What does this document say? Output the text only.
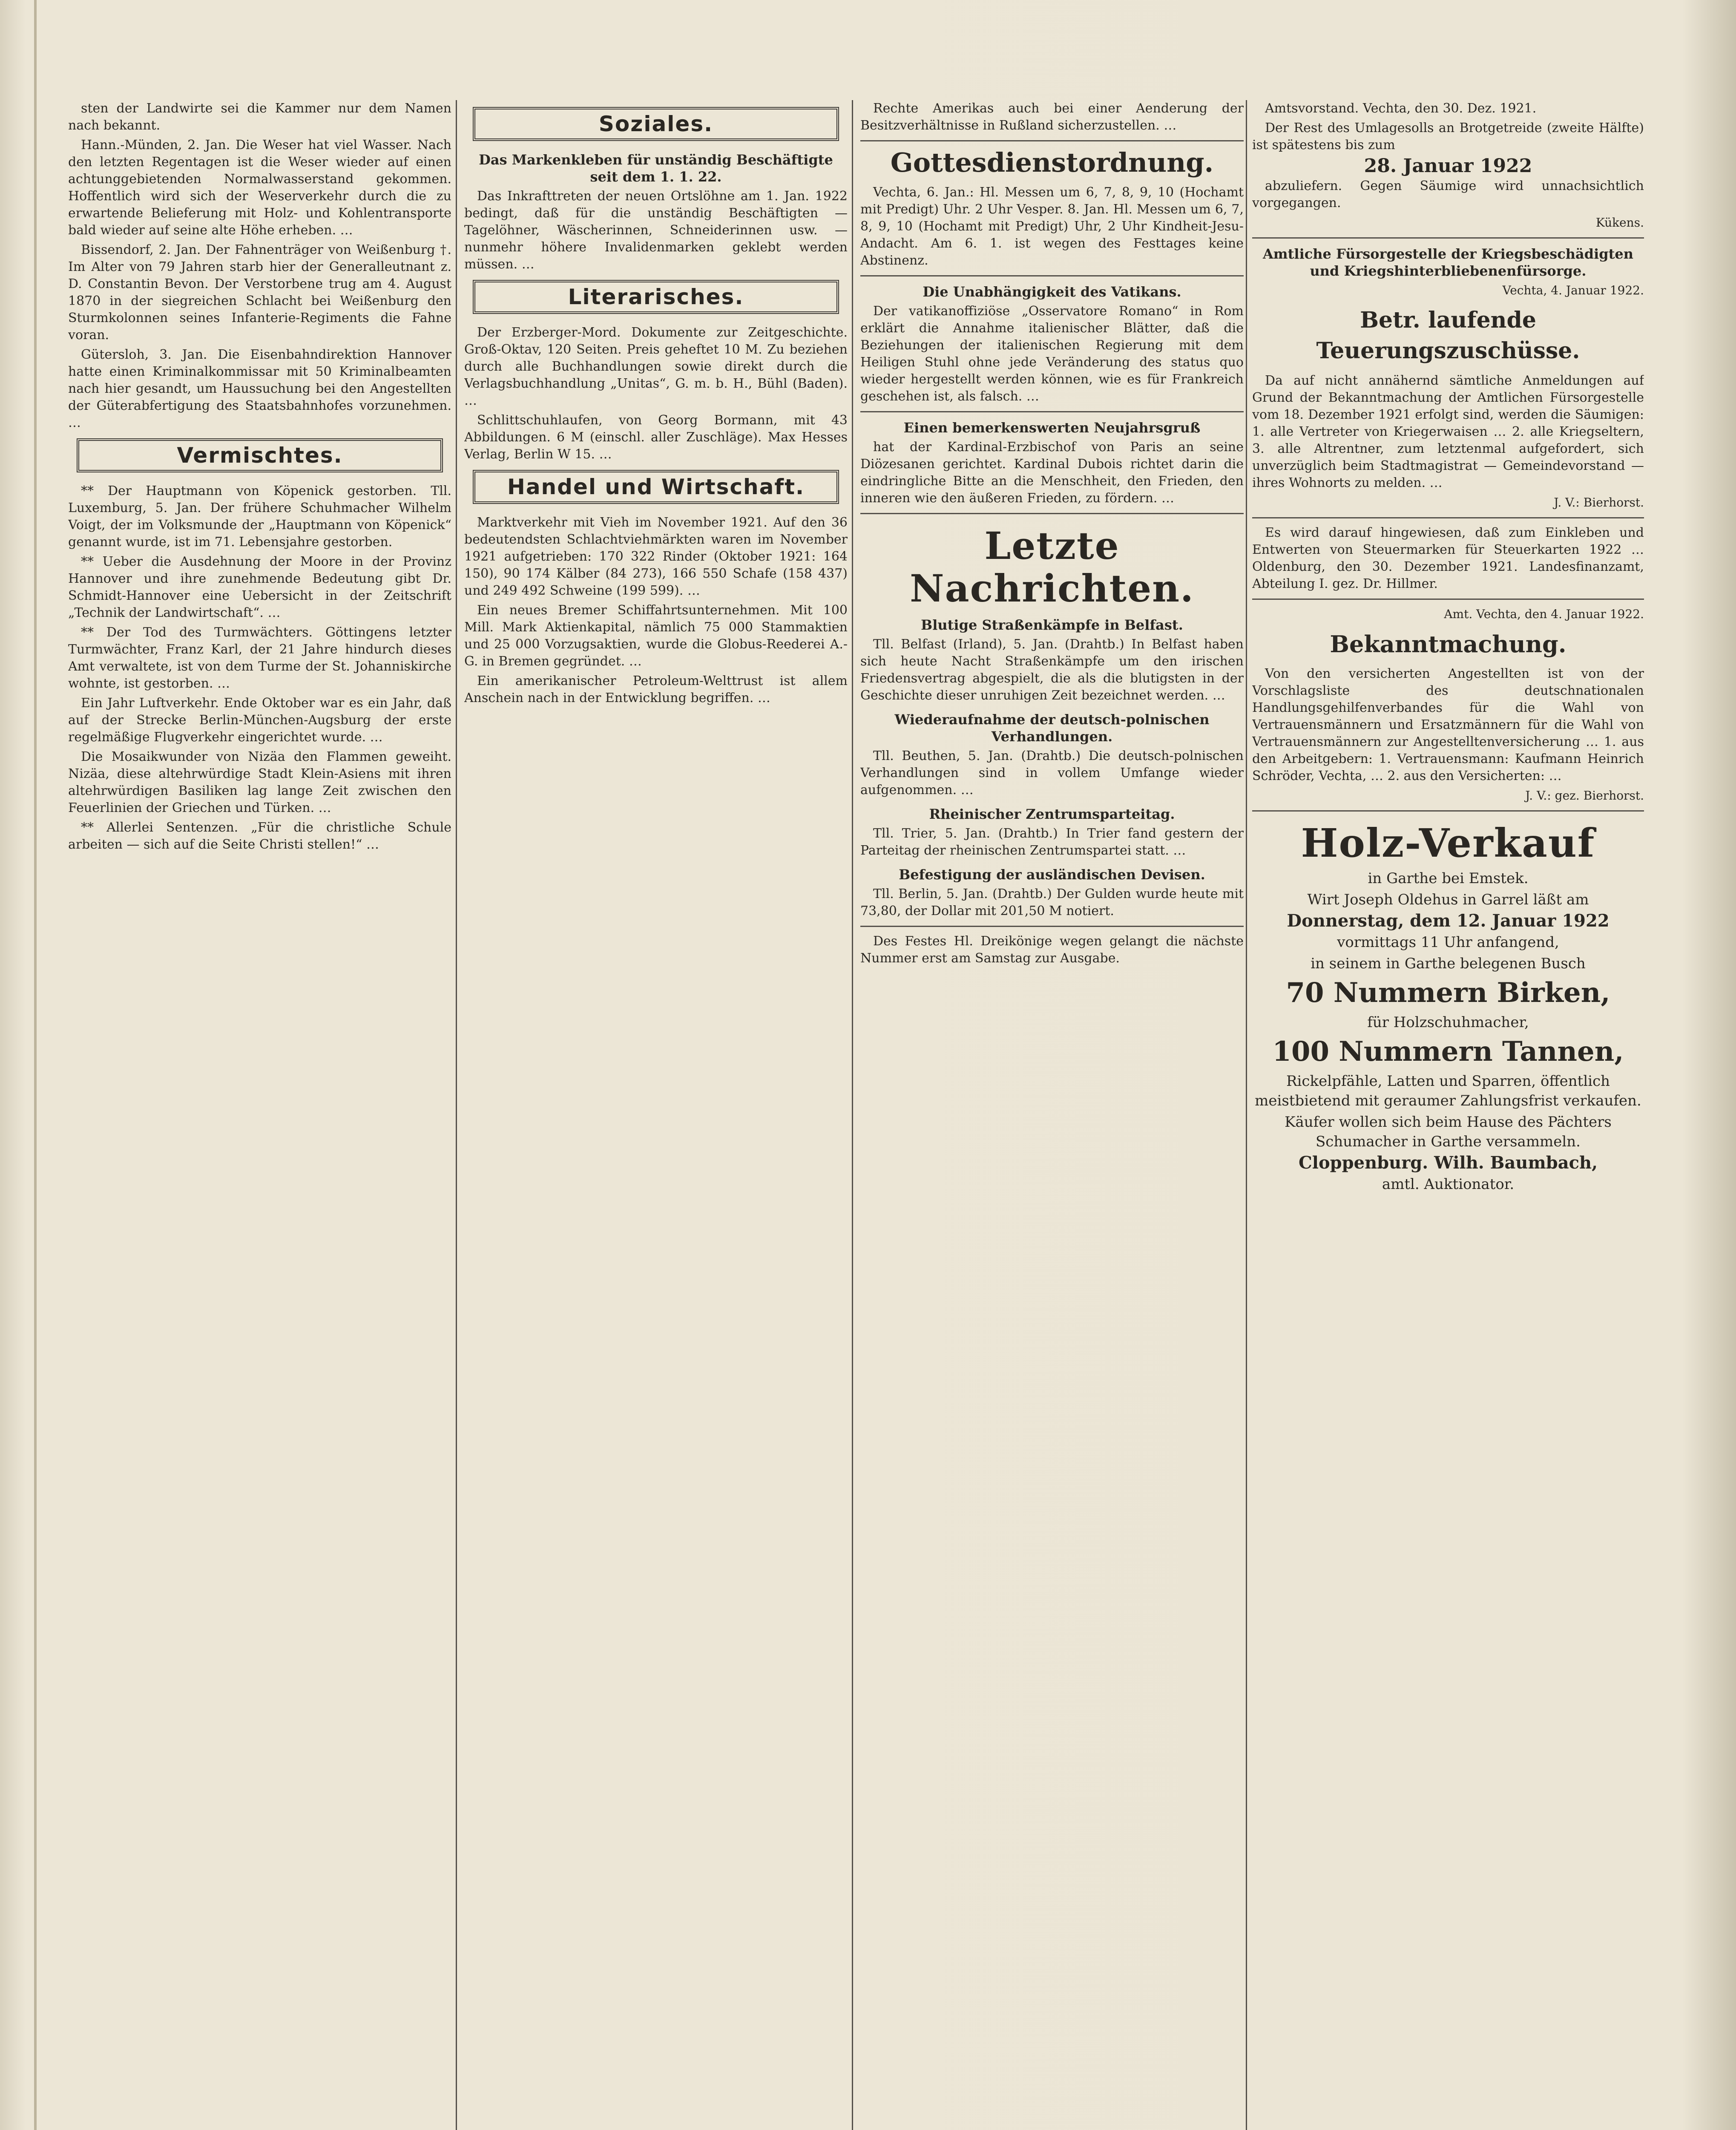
sten der Landwirte sei die Kammer nur dem Namen nach bekannt.

Hann.-Münden, 2. Jan. Die Weser hat viel Wasser. Nach den letzten Regentagen ist die Weser wieder auf einen achtunggebietenden Normalwasserstand gekommen. Hoffentlich wird sich der Weserverkehr durch die zu erwartende Belieferung mit Holz- und Kohlentransporte bald wieder auf seine alte Höhe erheben. …

Bissendorf, 2. Jan. Der Fahnenträger von Weißenburg †. Im Alter von 79 Jahren starb hier der Generalleutnant z. D. Constantin Bevon. Der Verstorbene trug am 4. August 1870 in der siegreichen Schlacht bei Weißenburg den Sturmkolonnen seines Infanterie-Regiments die Fahne voran.

Gütersloh, 3. Jan. Die Eisenbahndirektion Hannover hatte einen Kriminalkommissar mit 50 Kriminalbeamten nach hier gesandt, um Haussuchung bei den Angestellten der Güterabfertigung des Staatsbahnhofes vorzunehmen. …

Vermischtes.

** Der Hauptmann von Köpenick gestorben. Tll. Luxemburg, 5. Jan. Der frühere Schuhmacher Wilhelm Voigt, der im Volksmunde der „Hauptmann von Köpenick“ genannt wurde, ist im 71. Lebensjahre gestorben.

** Ueber die Ausdehnung der Moore in der Provinz Hannover und ihre zunehmende Bedeutung gibt Dr. Schmidt-Hannover eine Uebersicht in der Zeitschrift „Technik der Landwirtschaft“. …

** Der Tod des Turmwächters. Göttingens letzter Turmwächter, Franz Karl, der 21 Jahre hindurch dieses Amt verwaltete, ist von dem Turme der St. Johanniskirche wohnte, ist gestorben. …

Ein Jahr Luftverkehr. Ende Oktober war es ein Jahr, daß auf der Strecke Berlin-München-Augsburg der erste regelmäßige Flugverkehr eingerichtet wurde. …

Die Mosaikwunder von Nizäa den Flammen geweiht. Nizäa, diese altehrwürdige Stadt Klein-Asiens mit ihren altehrwürdigen Basiliken lag lange Zeit zwischen den Feuerlinien der Griechen und Türken. …

** Allerlei Sentenzen. „Für die christliche Schule arbeiten — sich auf die Seite Christi stellen!“ …

Soziales.
Das Markenkleben für unständig Beschäftigte seit dem 1. 1. 22.

Das Inkrafttreten der neuen Ortslöhne am 1. Jan. 1922 bedingt, daß für die unständig Beschäftigten — Tagelöhner, Wäscherinnen, Schneiderinnen usw. — nunmehr höhere Invalidenmarken geklebt werden müssen. …

Literarisches.

Der Erzberger-Mord. Dokumente zur Zeitgeschichte. Groß-Oktav, 120 Seiten. Preis geheftet 10 M. Zu beziehen durch alle Buchhandlungen sowie direkt durch die Verlagsbuchhandlung „Unitas“, G. m. b. H., Bühl (Baden). …

Schlittschuhlaufen, von Georg Bormann, mit 43 Abbildungen. 6 M (einschl. aller Zuschläge). Max Hesses Verlag, Berlin W 15. …

Handel und Wirtschaft.

Marktverkehr mit Vieh im November 1921. Auf den 36 bedeutendsten Schlachtviehmärkten waren im November 1921 aufgetrieben: 170 322 Rinder (Oktober 1921: 164 150), 90 174 Kälber (84 273), 166 550 Schafe (158 437) und 249 492 Schweine (199 599). …

Ein neues Bremer Schiffahrtsunternehmen. Mit 100 Mill. Mark Aktienkapital, nämlich 75 000 Stammaktien und 25 000 Vorzugsaktien, wurde die Globus-Reederei A.-G. in Bremen gegründet. …

Ein amerikanischer Petroleum-Welttrust ist allem Anschein nach in der Entwicklung begriffen. …

Rechte Amerikas auch bei einer Aenderung der Besitzverhältnisse in Rußland sicherzustellen. …

Gottesdienstordnung.

Vechta, 6. Jan.: Hl. Messen um 6, 7, 8, 9, 10 (Hochamt mit Predigt) Uhr. 2 Uhr Vesper. 8. Jan. Hl. Messen um 6, 7, 8, 9, 10 (Hochamt mit Predigt) Uhr, 2 Uhr Kindheit-Jesu-Andacht. Am 6. 1. ist wegen des Festtages keine Abstinenz.

Die Unabhängigkeit des Vatikans.

Der vatikanoffiziöse „Osservatore Romano“ in Rom erklärt die Annahme italienischer Blätter, daß die Beziehungen der italienischen Regierung mit dem Heiligen Stuhl ohne jede Veränderung des status quo wieder hergestellt werden können, wie es für Frankreich geschehen ist, als falsch. …

Einen bemerkenswerten Neujahrsgruß

hat der Kardinal-Erzbischof von Paris an seine Diözesanen gerichtet. Kardinal Dubois richtet darin die eindringliche Bitte an die Menschheit, den Frieden, den inneren wie den äußeren Frieden, zu fördern. …

Letzte Nachrichten.
Blutige Straßenkämpfe in Belfast.

Tll. Belfast (Irland), 5. Jan. (Drahtb.) In Belfast haben sich heute Nacht Straßenkämpfe um den irischen Friedensvertrag abgespielt, die als die blutigsten in der Geschichte dieser unruhigen Zeit bezeichnet werden. …

Wiederaufnahme der deutsch-polnischen Verhandlungen.

Tll. Beuthen, 5. Jan. (Drahtb.) Die deutsch-polnischen Verhandlungen sind in vollem Umfange wieder aufgenommen. …

Rheinischer Zentrumsparteitag.

Tll. Trier, 5. Jan. (Drahtb.) In Trier fand gestern der Parteitag der rheinischen Zentrumspartei statt. …

Befestigung der ausländischen Devisen.

Tll. Berlin, 5. Jan. (Drahtb.) Der Gulden wurde heute mit 73,80, der Dollar mit 201,50 M notiert.

Des Festes Hl. Dreikönige wegen gelangt die nächste Nummer erst am Samstag zur Ausgabe.

Amtsvorstand. Vechta, den 30. Dez. 1921.

Der Rest des Umlagesolls an Brotgetreide (zweite Hälfte) ist spätestens bis zum

28. Januar 1922

abzuliefern. Gegen Säumige wird unnachsichtlich vorgegangen.

Kükens.
Amtliche Fürsorgestelle der Kriegsbeschädigten und Kriegshinterbliebenenfürsorge.
Vechta, 4. Januar 1922.
Betr. laufende Teuerungszuschüsse.

Da auf nicht annähernd sämtliche Anmeldungen auf Grund der Bekanntmachung der Amtlichen Fürsorgestelle vom 18. Dezember 1921 erfolgt sind, werden die Säumigen: 1. alle Vertreter von Kriegerwaisen … 2. alle Kriegseltern, 3. alle Altrentner, zum letztenmal aufgefordert, sich unverzüglich beim Stadtmagistrat — Gemeindevorstand — ihres Wohnorts zu melden. …

J. V.: Bierhorst.

Es wird darauf hingewiesen, daß zum Einkleben und Entwerten von Steuermarken für Steuerkarten 1922 … Oldenburg, den 30. Dezember 1921. Landesfinanzamt, Abteilung I. gez. Dr. Hillmer.

Amt. Vechta, den 4. Januar 1922.
Bekanntmachung.

Von den versicherten Angestellten ist von der Vorschlagsliste des deutschnationalen Handlungsgehilfenverbandes für die Wahl von Vertrauensmännern und Ersatzmännern für die Wahl von Vertrauensmännern zur Angestelltenversicherung … 1. aus den Arbeitgebern: 1. Vertrauensmann: Kaufmann Heinrich Schröder, Vechta, … 2. aus den Versicherten: …

J. V.: gez. Bierhorst.
Holz-Verkauf
in Garthe bei Emstek.
Wirt Joseph Oldehus in Garrel läßt am
Donnerstag, dem 12. Januar 1922
vormittags 11 Uhr anfangend,
in seinem in Garthe belegenen Busch
70 Nummern Birken,
für Holzschuhmacher,
100 Nummern Tannen,
Rickelpfähle, Latten und Sparren, öffentlich meistbietend mit geraumer Zahlungsfrist verkaufen.
Käufer wollen sich beim Hause des Pächters Schumacher in Garthe versammeln.
Cloppenburg. Wilh. Baumbach,
amtl. Auktionator.
